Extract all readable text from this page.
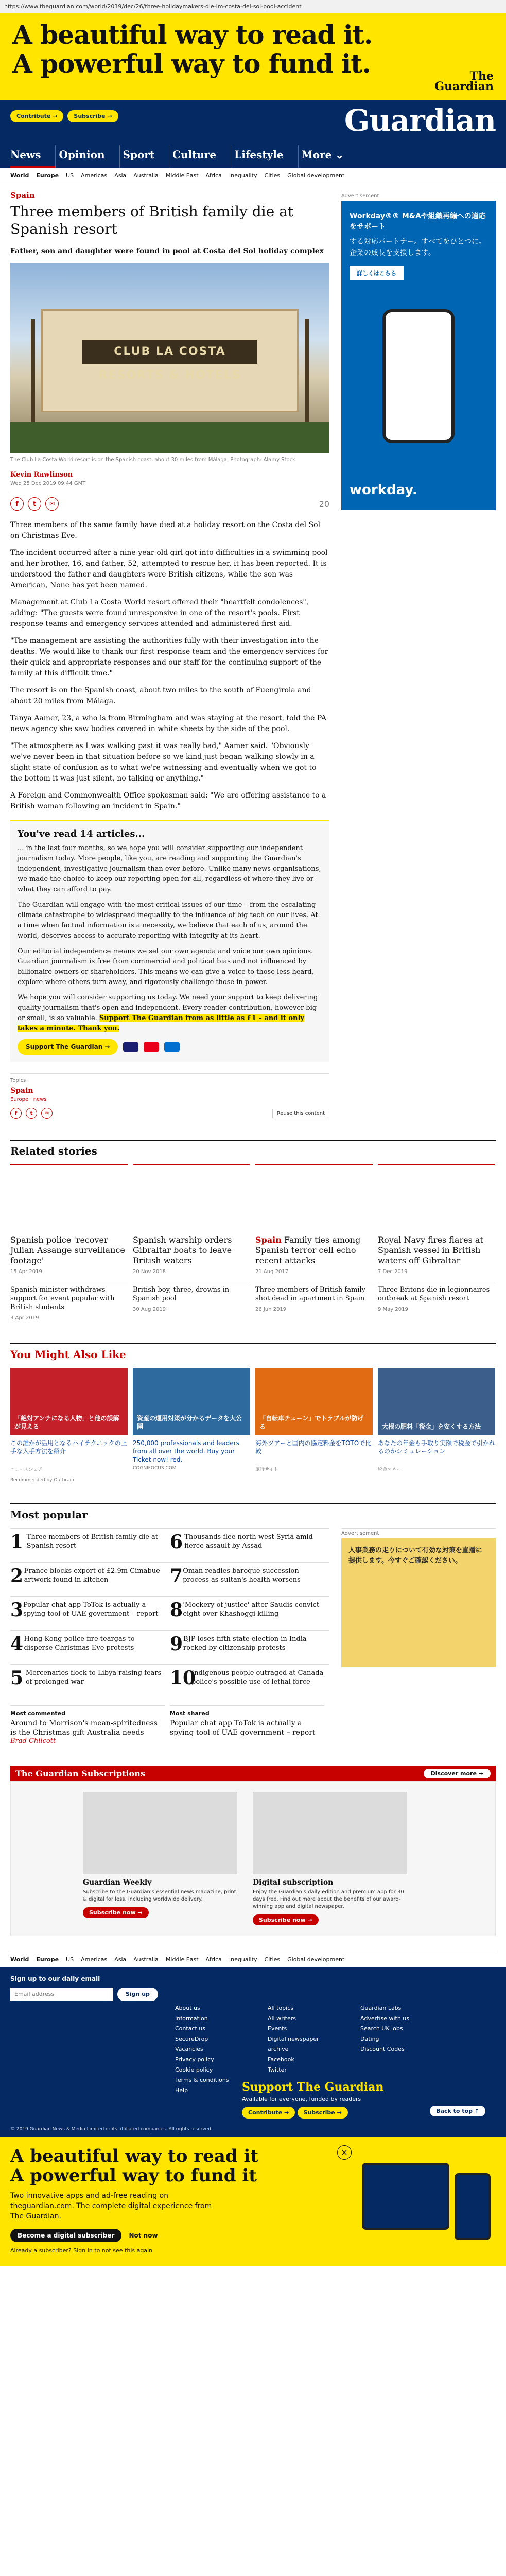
https://www.theguardian.com/world/2019/dec/26/three-holidaymakers-die-im-costa-del-sol-pool-accident
A beautiful way to read it.
A powerful way to fund it.	The
Guardian
Contribute →	Subscribe →	Guardian
News	Opinion	Sport	Culture	Lifestyle	More ⌄
World Europe US Americas Asia Australia Middle East Africa Inequality Cities Global development
Spain
Three members of British family die at Spanish resort
Father, son and daughter were found in pool at Costa del Sol holiday complex
CLUB LA COSTA RESORTS & HOTELS
The Club La Costa World resort is on the Spanish coast, about 30 miles from Málaga. Photograph: Alamy Stock
Kevin Rawlinson
Wed 25 Dec 2019 09.44 GMT
f	t	✉	20

Three members of the same family have died at a holiday resort on the Costa del Sol on Christmas Eve.

The incident occurred after a nine-year-old girl got into difficulties in a swimming pool and her brother, 16, and father, 52, attempted to rescue her, it has been reported. It is understood the father and daughters were British citizens, while the son was American, None has yet been named.

Management at Club La Costa World resort offered their "heartfelt condolences", adding: "The guests were found unresponsive in one of the resort's pools. First response teams and emergency services attended and administered first aid.

"The management are assisting the authorities fully with their investigation into the deaths. We would like to thank our first response team and the emergency services for their quick and appropriate responses and our staff for the continuing support of the family at this difficult time."

The resort is on the Spanish coast, about two miles to the south of Fuengirola and about 20 miles from Málaga.

Tanya Aamer, 23, a who is from Birmingham and was staying at the resort, told the PA news agency she saw bodies covered in white sheets by the side of the pool.

"The atmosphere as I was walking past it was really bad," Aamer said. "Obviously we've never been in that situation before so we kind just began walking slowly in a slight state of confusion as to what we're witnessing and eventually when we got to the bottom it was just silent, no talking or anything."

A Foreign and Commonwealth Office spokesman said: "We are offering assistance to a British woman following an incident in Spain."

You've read 14 articles...

... in the last four months, so we hope you will consider supporting our independent journalism today. More people, like you, are reading and supporting the Guardian's independent, investigative journalism than ever before. Unlike many news organisations, we made the choice to keep our reporting open for all, regardless of where they live or what they can afford to pay.

The Guardian will engage with the most critical issues of our time – from the escalating climate catastrophe to widespread inequality to the influence of big tech on our lives. At a time when factual information is a necessity, we believe that each of us, around the world, deserves access to accurate reporting with integrity at its heart.

Our editorial independence means we set our own agenda and voice our own opinions. Guardian journalism is free from commercial and political bias and not influenced by billionaire owners or shareholders. This means we can give a voice to those less heard, explore where others turn away, and rigorously challenge those in power.

We hope you will consider supporting us today. We need your support to keep delivering quality journalism that's open and independent. Every reader contribution, however big or small, is so valuable. Support The Guardian from as little as £1 – and it only takes a minute. Thank you.

Support The Guardian →
Topics
Spain
Europe · news
f	t	✉	Reuse this content
Advertisement
Workday®® M&Aや組織再編への適応をサポート
する対応パートナー。すべてをひとつに。企業の成長を支援します。
詳しくはこちら
workday.
Related stories
Spanish police 'recover Julian Assange surveillance footage'
15 Apr 2019
Spanish warship orders Gibraltar boats to leave British waters
20 Nov 2018
Spain Family ties among Spanish terror cell echo recent attacks
21 Aug 2017
Royal Navy fires flares at Spanish vessel in British waters off Gibraltar
7 Dec 2019
Spanish minister withdraws support for event popular with British students
3 Apr 2019
British boy, three, drowns in Spanish pool
30 Aug 2019
Three members of British family shot dead in apartment in Spain
26 Jun 2019
Three Britons die in legionnaires outbreak at Spanish resort
9 May 2019
You Might Also Like
「絶対アンチになる人物」と他の誤解が見える
この誰かが活用となるハイテクニックの上手な入手方法を紹介
ニュースシェア
資産の運用対策が分かるデータを大公開
250,000 professionals and leaders from all over the world. Buy your Ticket now! red.
COGNIFOCUS.COM
「自転車チェーン」でトラブルが防げる
海外ツアーと国内の協定料金をTOTOで比較
旅行サイト
大根の肥料「税金」を安くする方法
あなたの年金も手取り実額で税金で引かれるのかシミュレーション
税金マネー
Recommended by Outbrain
Most popular
1 Three members of British family die at Spanish resort	6 Thousands flee north-west Syria amid fierce assault by Assad
2 France blocks export of £2.9m Cimabue artwork found in kitchen	7 Oman readies baroque succession process as sultan's health worsens
3 Popular chat app ToTok is actually a spying tool of UAE government – report 8 'Mockery of justice' after Saudis convict eight over Khashoggi killing
4 Hong Kong police fire teargas to disperse Christmas Eve protests	9 BJP loses fifth state election in India rocked by citizenship protests
5 Mercenaries flock to Libya raising fears of prolonged war	10
Indigenous people outraged at Canada police's possible use of lethal force
Most commented
Around to Morrison's mean-spiritedness is the Christmas gift Australia needs
Brad Chilcott
Most shared
Popular chat app ToTok is actually a spying tool of UAE government – report
Advertisement
人事業務の走りについて有効な対策を直播に提供します。今すぐご確認ください。
The Guardian Subscriptions	Discover more →
Guardian Weekly
Subscribe to the Guardian's essential news magazine, print & digital for less, including worldwide delivery.
Subscribe now →
Digital subscription
Enjoy the Guardian's daily edition and premium app for 30 days free. Find out more about the benefits of our award-winning app and digital newspaper.
Subscribe now →
World Europe US Americas Asia Australia Middle East Africa Inequality Cities Global development
Sign up to our daily email
Email address	Sign up
About us
Information
Contact us
SecureDrop
Vacancies
Privacy policy
Cookie policy
Terms & conditions
Help
All topics
All writers
Events
Digital newspaper archive
Facebook
Twitter
Guardian Labs
Advertise with us
Search UK jobs
Dating
Discount Codes
Support The Guardian
Available for everyone, funded by readers
Contribute →	Subscribe →	Back to top ↑
© 2019 Guardian News & Media Limited or its affiliated companies. All rights reserved.
A beautiful way to read it
A powerful way to fund it
Two innovative apps and ad-free reading on theguardian.com. The complete digital experience from The Guardian.
Become a digital subscriber	Not now
Already a subscriber? Sign in to not see this again
×
